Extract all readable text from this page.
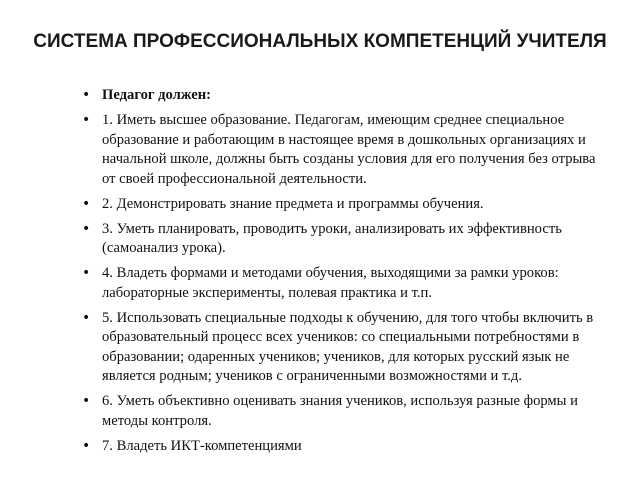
СИСТЕМА ПРОФЕССИОНАЛЬНЫХ КОМПЕТЕНЦИЙ УЧИТЕЛЯ
• Педагог должен:
• 1. Иметь высшее образование. Педагогам, имеющим среднее специальное образование и работающим в настоящее время в дошкольных организациях и начальной школе, должны быть созданы условия для его получения без отрыва от своей профессиональной деятельности.
• 2. Демонстрировать знание предмета и программы обучения.
• 3. Уметь планировать, проводить уроки, анализировать их эффективность (самоанализ урока).
• 4. Владеть формами и методами обучения, выходящими за рамки уроков: лабораторные эксперименты, полевая практика и т.п.
• 5. Использовать специальные подходы к обучению, для того чтобы включить в образовательный процесс всех учеников: со специальными потребностями в образовании; одаренных учеников; учеников, для которых русский язык не является родным; учеников с ограниченными возможностями и т.д.
• 6. Уметь объективно оценивать знания учеников, используя разные формы и методы контроля.
• 7. Владеть ИКТ-компетенциями
